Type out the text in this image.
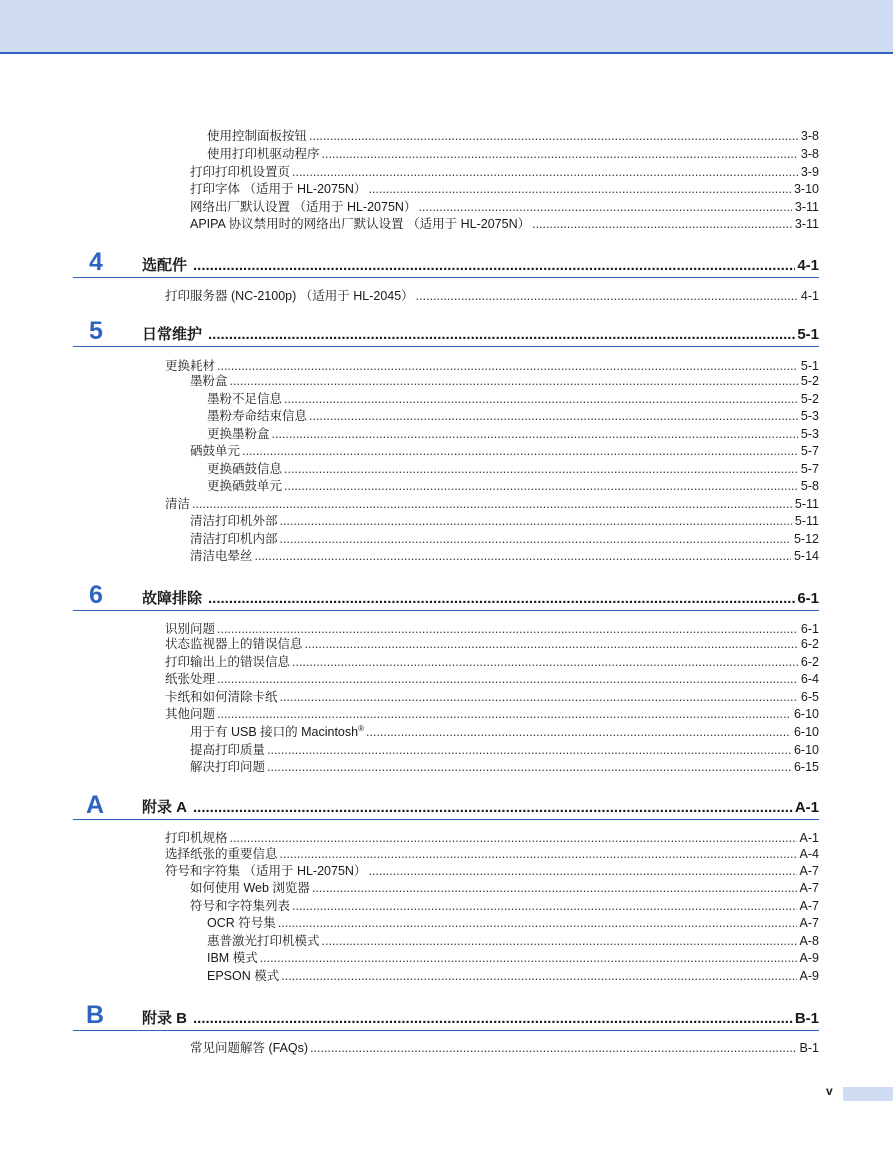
使用控制面板按钮 .....	3-8
使用打印机驱动程序 .....	3-8
打印打印机设置页 .....	3-9
打印字体 （适用于 HL-2075N） .....	3-10
网络出厂默认设置 （适用于 HL-2075N） .....	3-11
APIPA 协议禁用时的网络出厂默认设置 （适用于 HL-2075N） .....	3-11
4	选配件 .....	4-1
打印服务器 (NC-2100p) （适用于 HL-2045） .....	4-1
5	日常维护 .....	5-1
更换耗材 .....	5-1
墨粉盒 .....	5-2
墨粉不足信息 .....	5-2
墨粉寿命结束信息 .....	5-3
更换墨粉盒 .....	5-3
硒鼓单元 .....	5-7
更换硒鼓信息 .....	5-7
更换硒鼓单元 .....	5-8
清洁 .....	5-11
清洁打印机外部 .....	5-11
清洁打印机内部 .....	5-12
清洁电晕丝 .....	5-14
6	故障排除 .....	6-1
识别问题 .....	6-1
状态监视器上的错误信息 .....	6-2
打印输出上的错误信息 .....	6-2
纸张处理 .....	6-4
卡纸和如何清除卡纸 .....	6-5
其他问题 .....	6-10
用于有 USB 接口的 Macintosh® .....	6-10
提高打印质量 .....	6-10
解决打印问题 .....	6-15
A	附录 A .....	A-1
打印机规格 .....	A-1
选择纸张的重要信息 .....	A-4
符号和字符集 （适用于 HL-2075N） .....	A-7
如何使用 Web 浏览器 .....	A-7
符号和字符集列表 .....	A-7
OCR 符号集 .....	A-7
惠普激光打印机模式 .....	A-8
IBM 模式 .....	A-9
EPSON 模式 .....	A-9
B	附录 B .....	B-1
常见问题解答 (FAQs) .....	B-1
v
